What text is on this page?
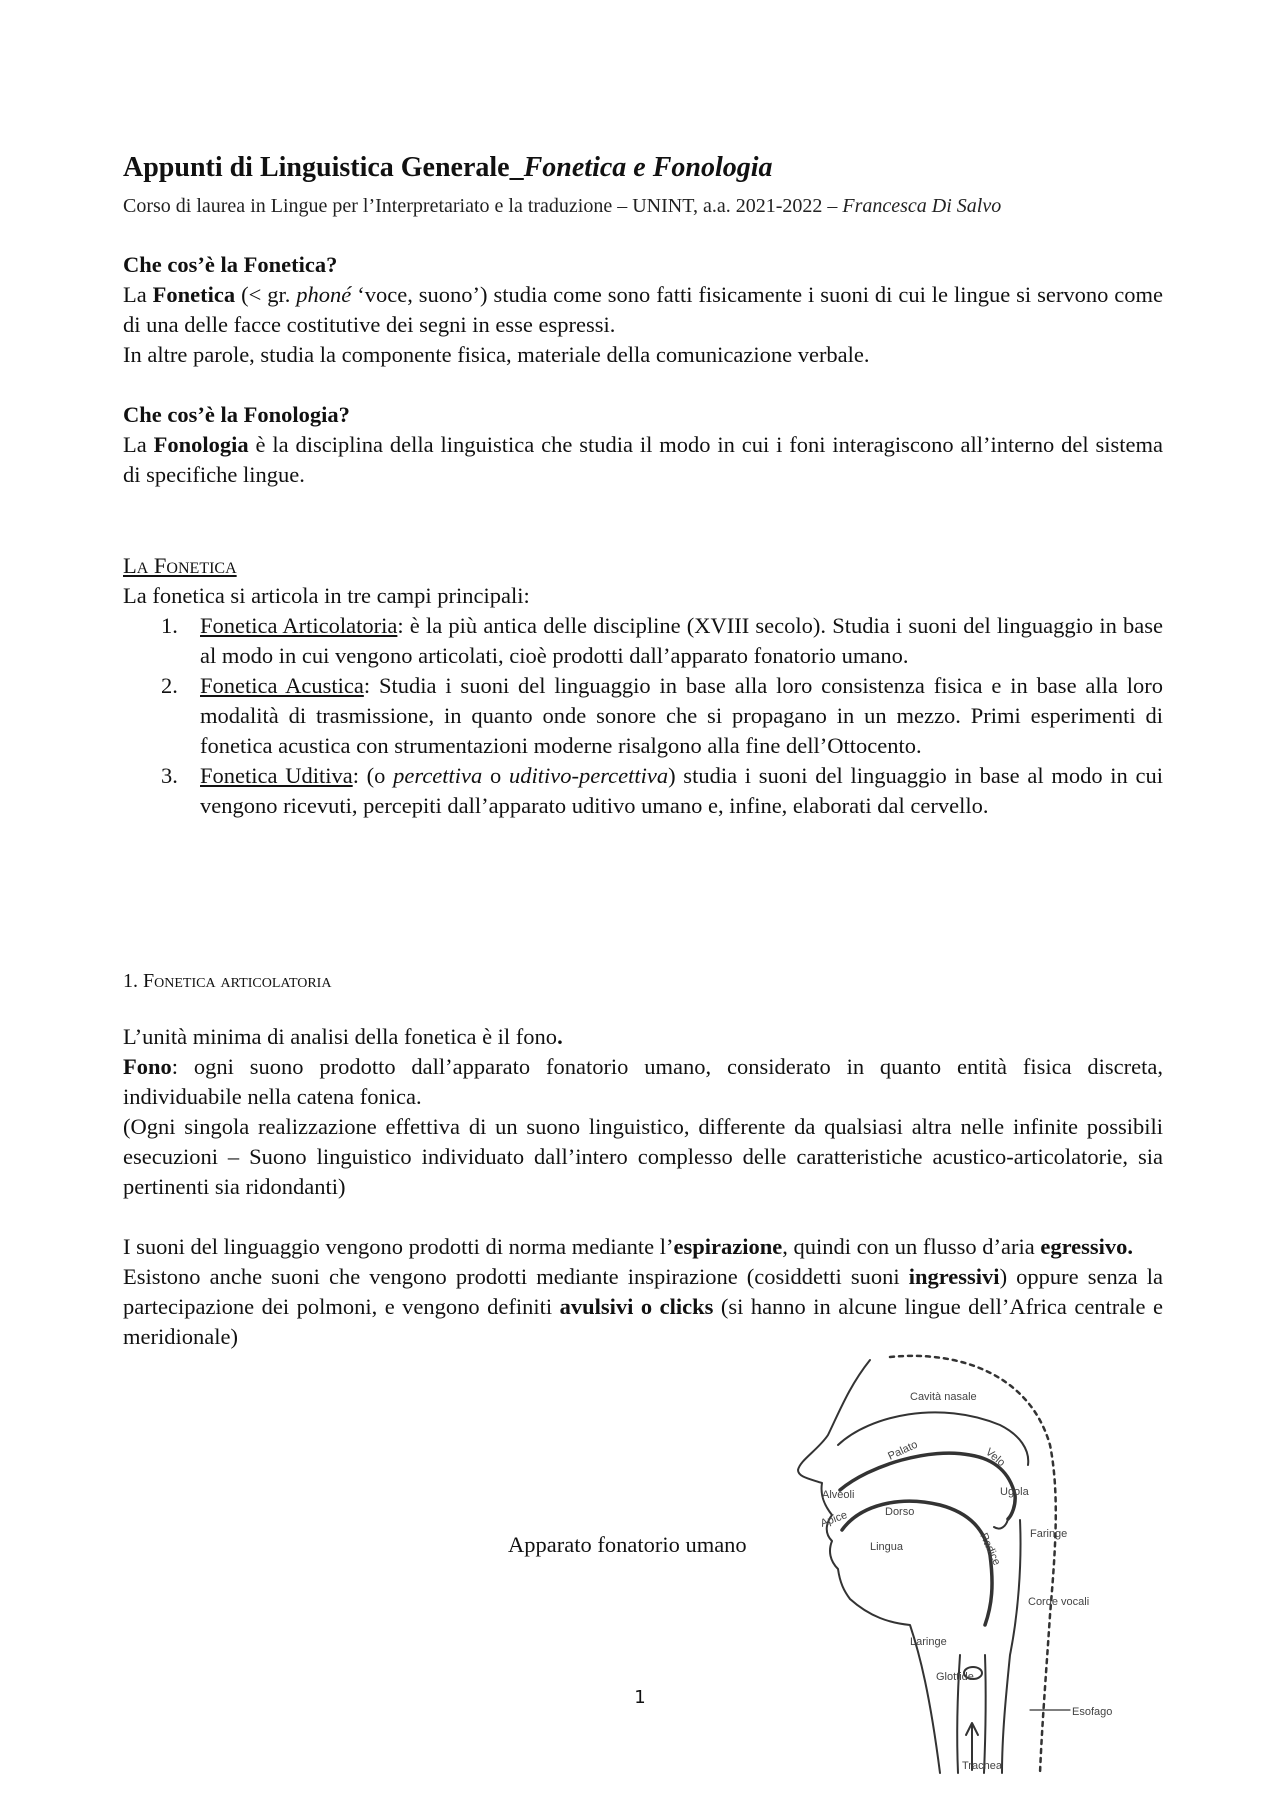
Appunti di Linguistica Generale_Fonetica e Fonologia
Corso di laurea in Lingue per l’Interpretariato e la traduzione – UNINT, a.a. 2021-2022 – Francesca Di Salvo
Che cos’è la Fonetica?
La Fonetica (< gr. phoné ‘voce, suono’) studia come sono fatti fisicamente i suoni di cui le lingue si servono come di una delle facce costitutive dei segni in esse espressi.
In altre parole, studia la componente fisica, materiale della comunicazione verbale.
Che cos’è la Fonologia?
La Fonologia è la disciplina della linguistica che studia il modo in cui i foni interagiscono all’interno del sistema di specifiche lingue.
La Fonetica
La fonetica si articola in tre campi principali:
1. Fonetica Articolatoria: è la più antica delle discipline (XVIII secolo). Studia i suoni del linguaggio in base al modo in cui vengono articolati, cioè prodotti dall’apparato fonatorio umano.
2. Fonetica Acustica: Studia i suoni del linguaggio in base alla loro consistenza fisica e in base alla loro modalità di trasmissione, in quanto onde sonore che si propagano in un mezzo. Primi esperimenti di fonetica acustica con strumentazioni moderne risalgono alla fine dell’Ottocento.
3. Fonetica Uditiva: (o percettiva o uditivo-percettiva) studia i suoni del linguaggio in base al modo in cui vengono ricevuti, percepiti dall’apparato uditivo umano e, infine, elaborati dal cervello.
1. Fonetica articolatoria
L’unità minima di analisi della fonetica è il fono.
Fono: ogni suono prodotto dall’apparato fonatorio umano, considerato in quanto entità fisica discreta, individuabile nella catena fonica.
(Ogni singola realizzazione effettiva di un suono linguistico, differente da qualsiasi altra nelle infinite possibili esecuzioni – Suono linguistico individuato dall’intero complesso delle caratteristiche acustico-articolatorie, sia pertinenti sia ridondanti)
I suoni del linguaggio vengono prodotti di norma mediante l’espirazione, quindi con un flusso d’aria egressivo.
Esistono anche suoni che vengono prodotti mediante inspirazione (cosiddetti suoni ingressivi) oppure senza la partecipazione dei polmoni, e vengono definiti avulsivi o clicks (si hanno in alcune lingue dell’Africa centrale e meridionale)
Apparato fonatorio umano
Cavità nasale
Palato	Velo
Alveoli	Ugola
Apice	Dorso
Faringe
Lingua	Radice
Corde vocali
Laringe
Glottide
Esofago
Trachea
1
